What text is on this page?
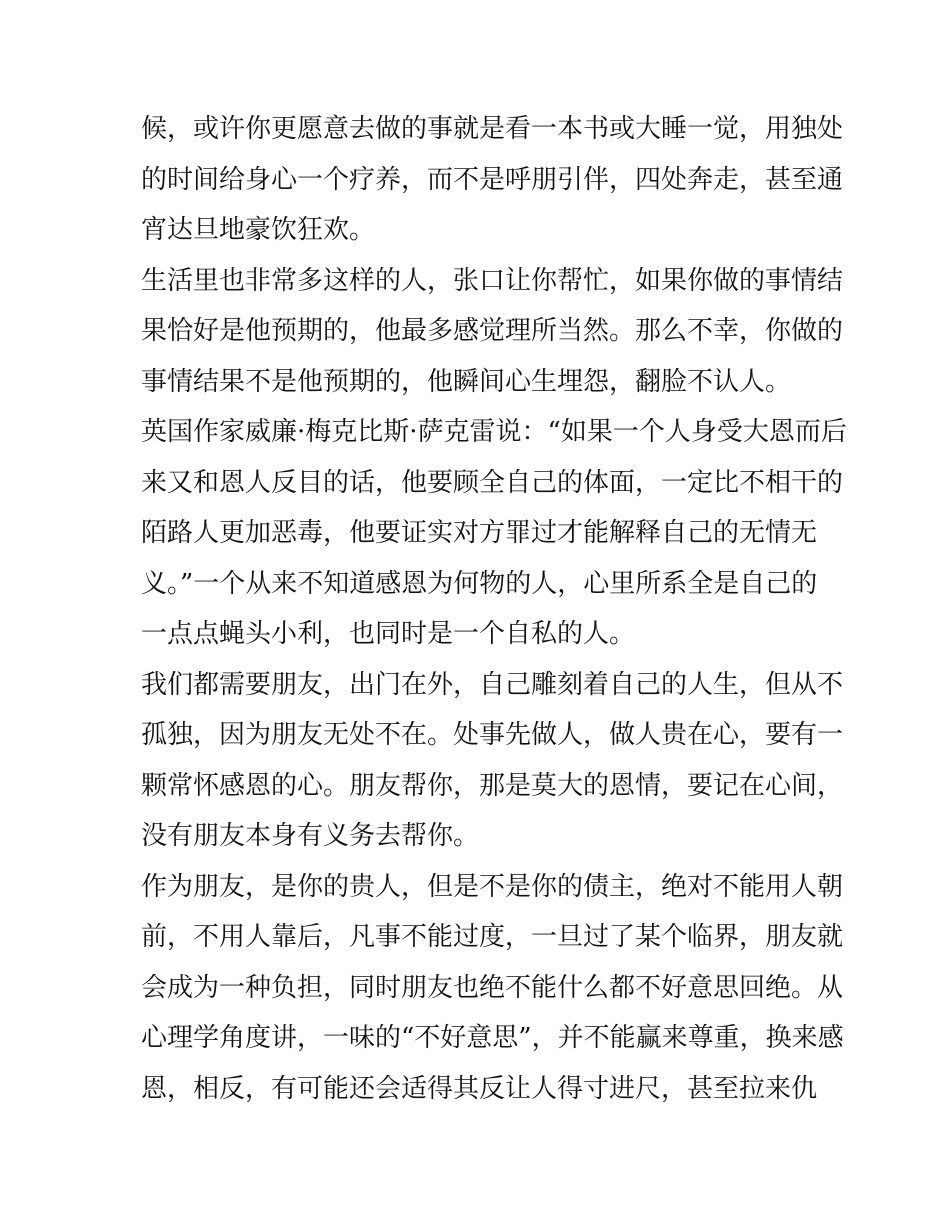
候，或许你更愿意去做的事就是看一本书或大睡一觉，用独处
的时间给身心一个疗养，而不是呼朋引伴，四处奔走，甚至通
宵达旦地豪饮狂欢。
生活里也非常多这样的人，张口让你帮忙，如果你做的事情结
果恰好是他预期的，他最多感觉理所当然。那么不幸，你做的
事情结果不是他预期的，他瞬间心生埋怨，翻脸不认人。
英国作家威廉·梅克比斯·萨克雷说：“如果一个人身受大恩而后
来又和恩人反目的话，他要顾全自己的体面，一定比不相干的
陌路人更加恶毒，他要证实对方罪过才能解释自己的无情无
义。”一个从来不知道感恩为何物的人，心里所系全是自己的
一点点蝇头小利，也同时是一个自私的人。
我们都需要朋友，出门在外，自己雕刻着自己的人生，但从不
孤独，因为朋友无处不在。处事先做人，做人贵在心，要有一
颗常怀感恩的心。朋友帮你，那是莫大的恩情，要记在心间，
没有朋友本身有义务去帮你。
作为朋友，是你的贵人，但是不是你的债主，绝对不能用人朝
前，不用人靠后，凡事不能过度，一旦过了某个临界，朋友就
会成为一种负担，同时朋友也绝不能什么都不好意思回绝。从
心理学角度讲，一味的“不好意思”，并不能赢来尊重，换来感
恩，相反，有可能还会适得其反让人得寸进尺，甚至拉来仇
